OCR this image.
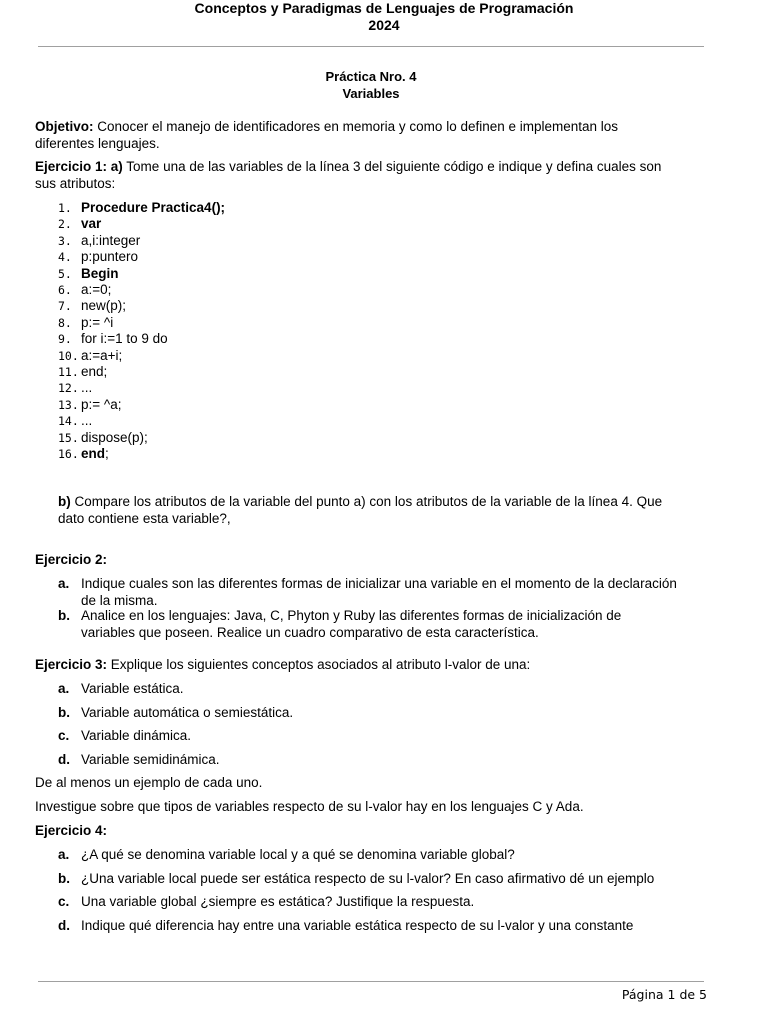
Conceptos y Paradigmas de Lenguajes de Programación
2024
Práctica Nro. 4
Variables
Objetivo: Conocer el manejo de identificadores en memoria y como lo definen e implementan los
diferentes lenguajes.
Ejercicio 1: a) Tome una de las variables de la línea 3 del siguiente código e indique y defina cuales son
sus atributos:
1. Procedure Practica4();
2. var
3. a,i:integer
4. p:puntero
5. Begin
6. a:=0;
7. new(p);
8. p:= ^i
9. for i:=1 to 9 do
10. a:=a+i;
11. end;
12. ...
13. p:= ^a;
14. ...
15. dispose(p);
16. end;
b) Compare los atributos de la variable del punto a) con los atributos de la variable de la línea 4. Que
dato contiene esta variable?,
Ejercicio 2:
a. Indique cuales son las diferentes formas de inicializar una variable en el momento de la declaración
de la misma.
b. Analice en los lenguajes: Java, C, Phyton y Ruby las diferentes formas de inicialización de
variables que poseen. Realice un cuadro comparativo de esta característica.
Ejercicio 3: Explique los siguientes conceptos asociados al atributo l-valor de una:
a. Variable estática.
b. Variable automática o semiestática.
c. Variable dinámica.
d. Variable semidinámica.
De al menos un ejemplo de cada uno.
Investigue sobre que tipos de variables respecto de su l-valor hay en los lenguajes C y Ada.
Ejercicio 4:
a. ¿A qué se denomina variable local y a qué se denomina variable global?
b. ¿Una variable local puede ser estática respecto de su l-valor? En caso afirmativo dé un ejemplo
c. Una variable global ¿siempre es estática? Justifique la respuesta.
d. Indique qué diferencia hay entre una variable estática respecto de su l-valor y una constante
Página 1 de 5
